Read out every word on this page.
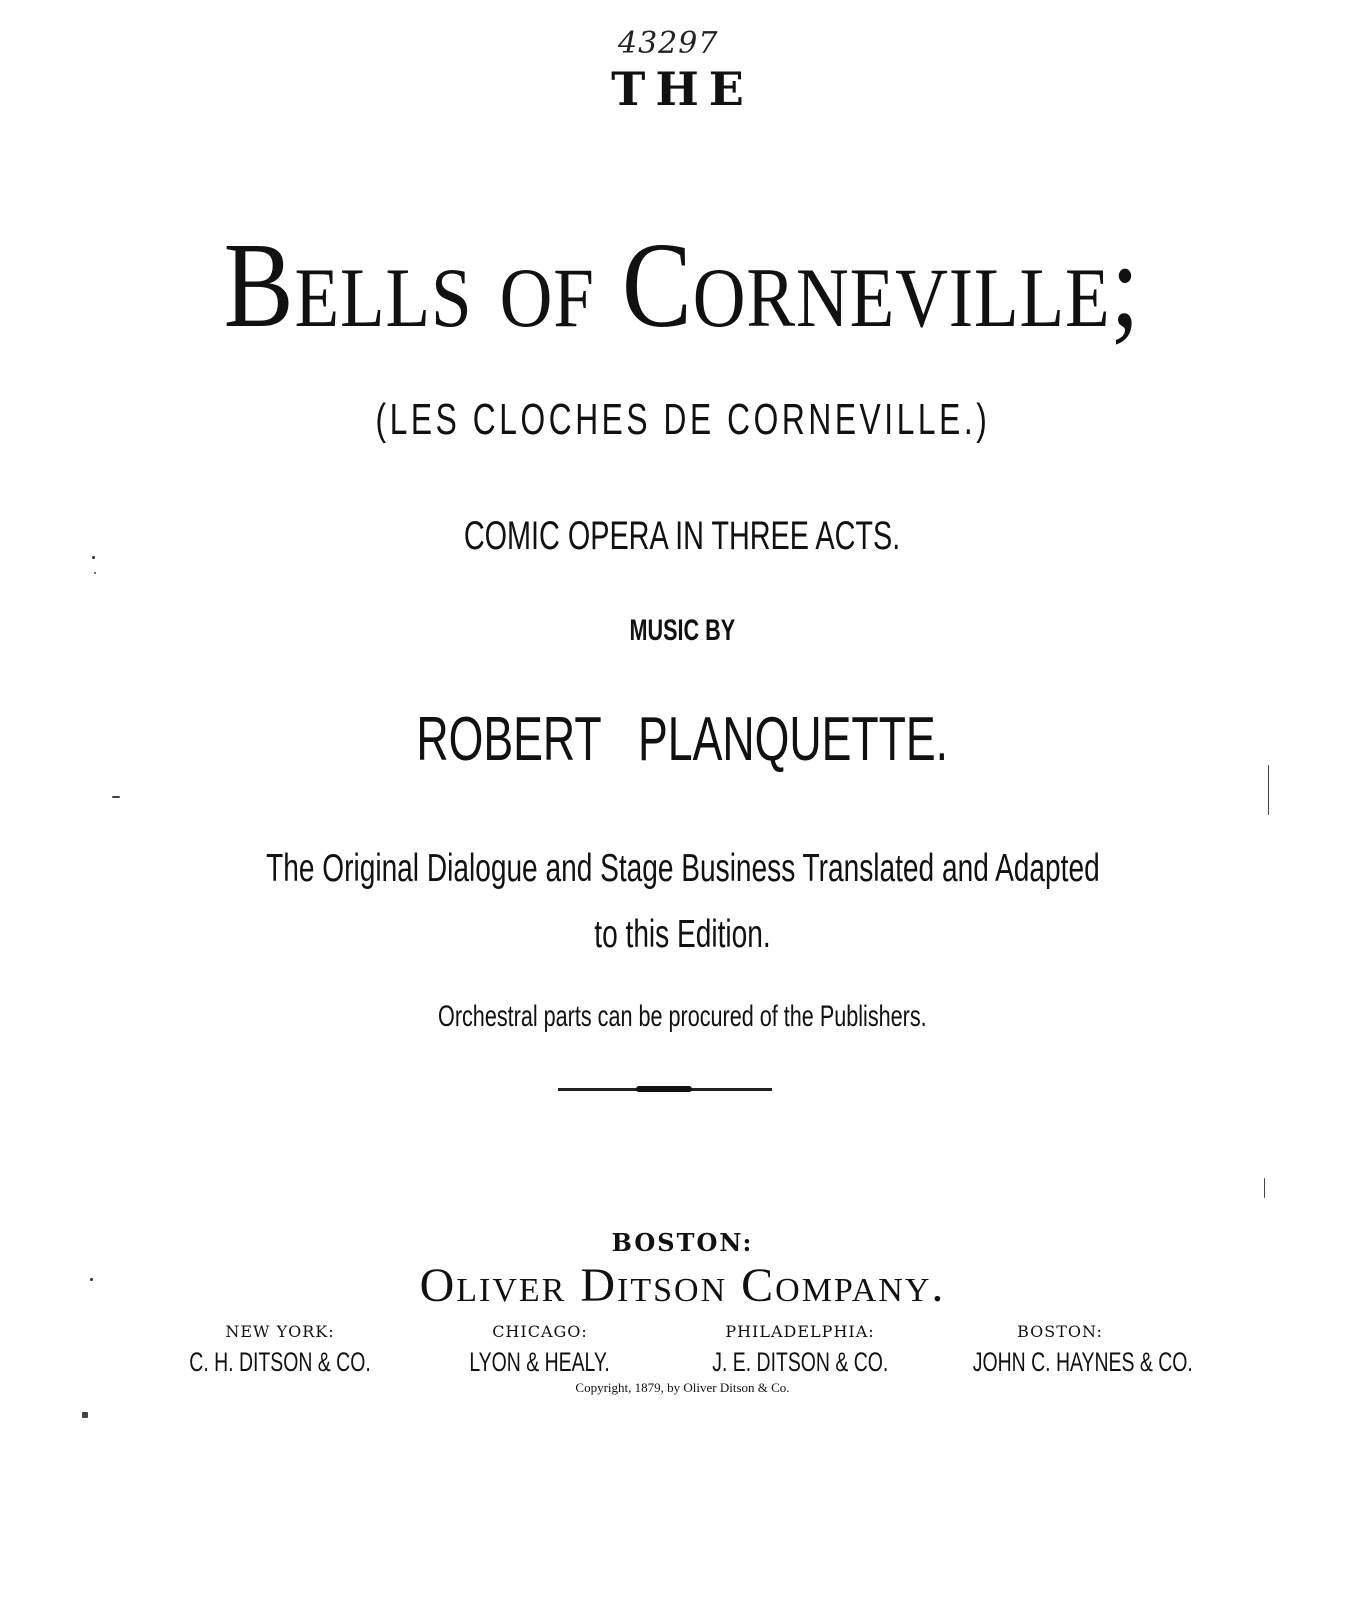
43297
THE
Bells of Corneville;
(LES CLOCHES DE CORNEVILLE.)
COMIC OPERA IN THREE ACTS.
MUSIC BY
ROBERT   PLANQUETTE.
The Original Dialogue and Stage Business Translated and Adapted
to this Edition.
Orchestral parts can be procured of the Publishers.
BOSTON:
Oliver Ditson Company.
NEW YORK:
C. H. DITSON & CO.
CHICAGO:
LYON & HEALY.
PHILADELPHIA:
J. E. DITSON & CO.
BOSTON:
JOHN C. HAYNES & CO.
Copyright, 1879, by Oliver Ditson & Co.
